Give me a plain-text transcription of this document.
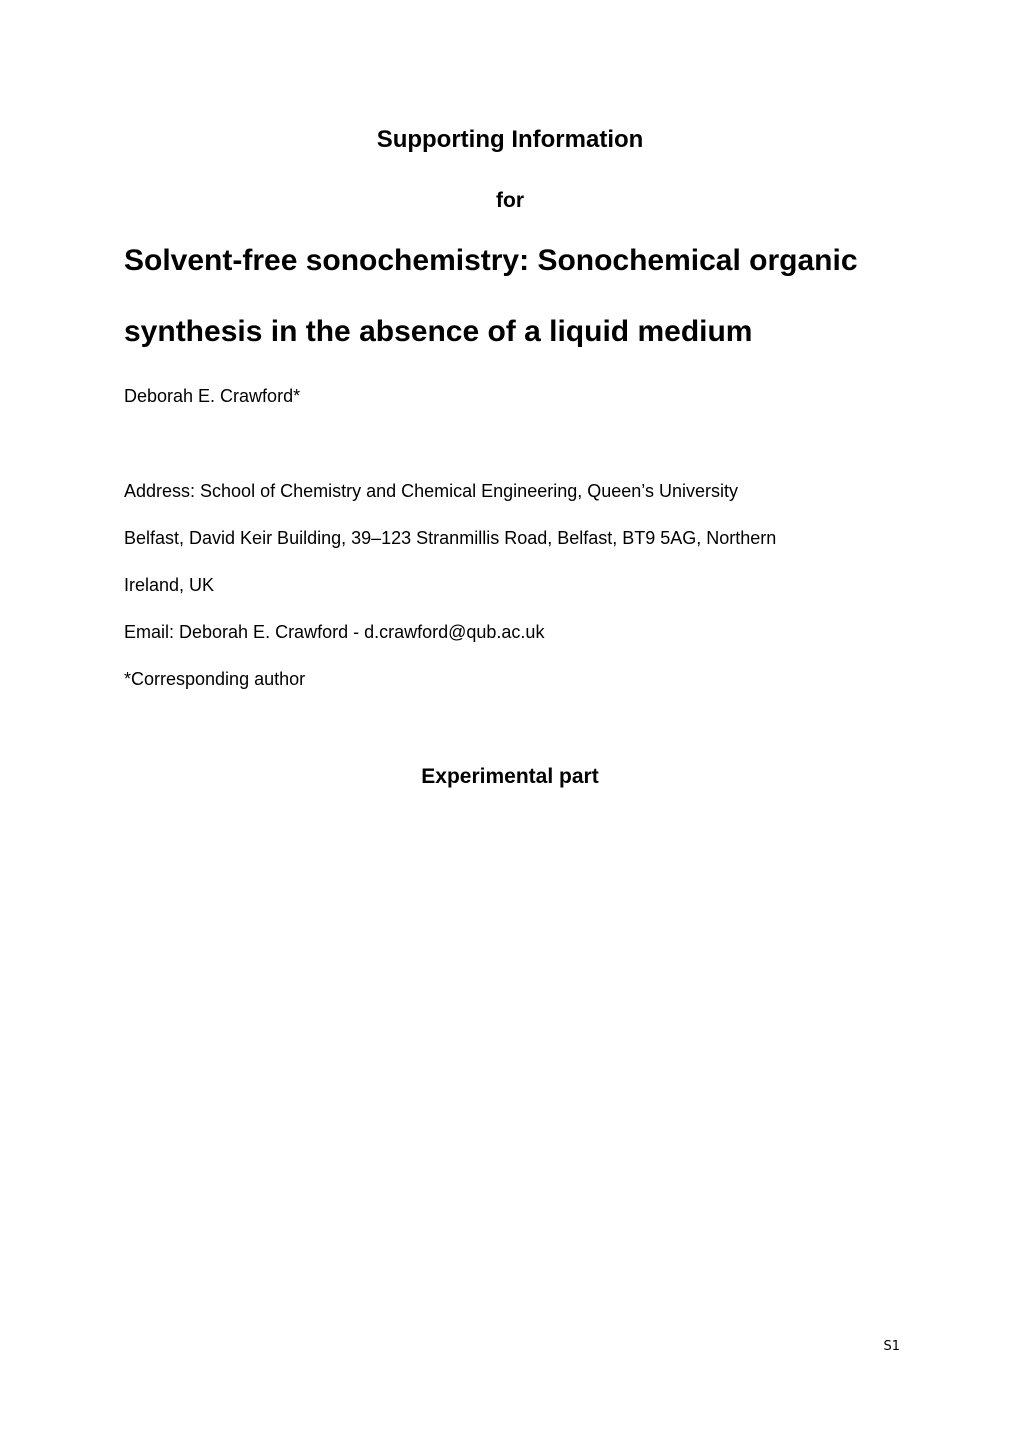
Supporting Information
for
Solvent-free sonochemistry: Sonochemical organic
synthesis in the absence of a liquid medium
Deborah E. Crawford*
Address: School of Chemistry and Chemical Engineering, Queen’s University
Belfast, David Keir Building, 39–123 Stranmillis Road, Belfast, BT9 5AG, Northern
Ireland, UK
Email: Deborah E. Crawford - d.crawford@qub.ac.uk
*Corresponding author
Experimental part
S1
